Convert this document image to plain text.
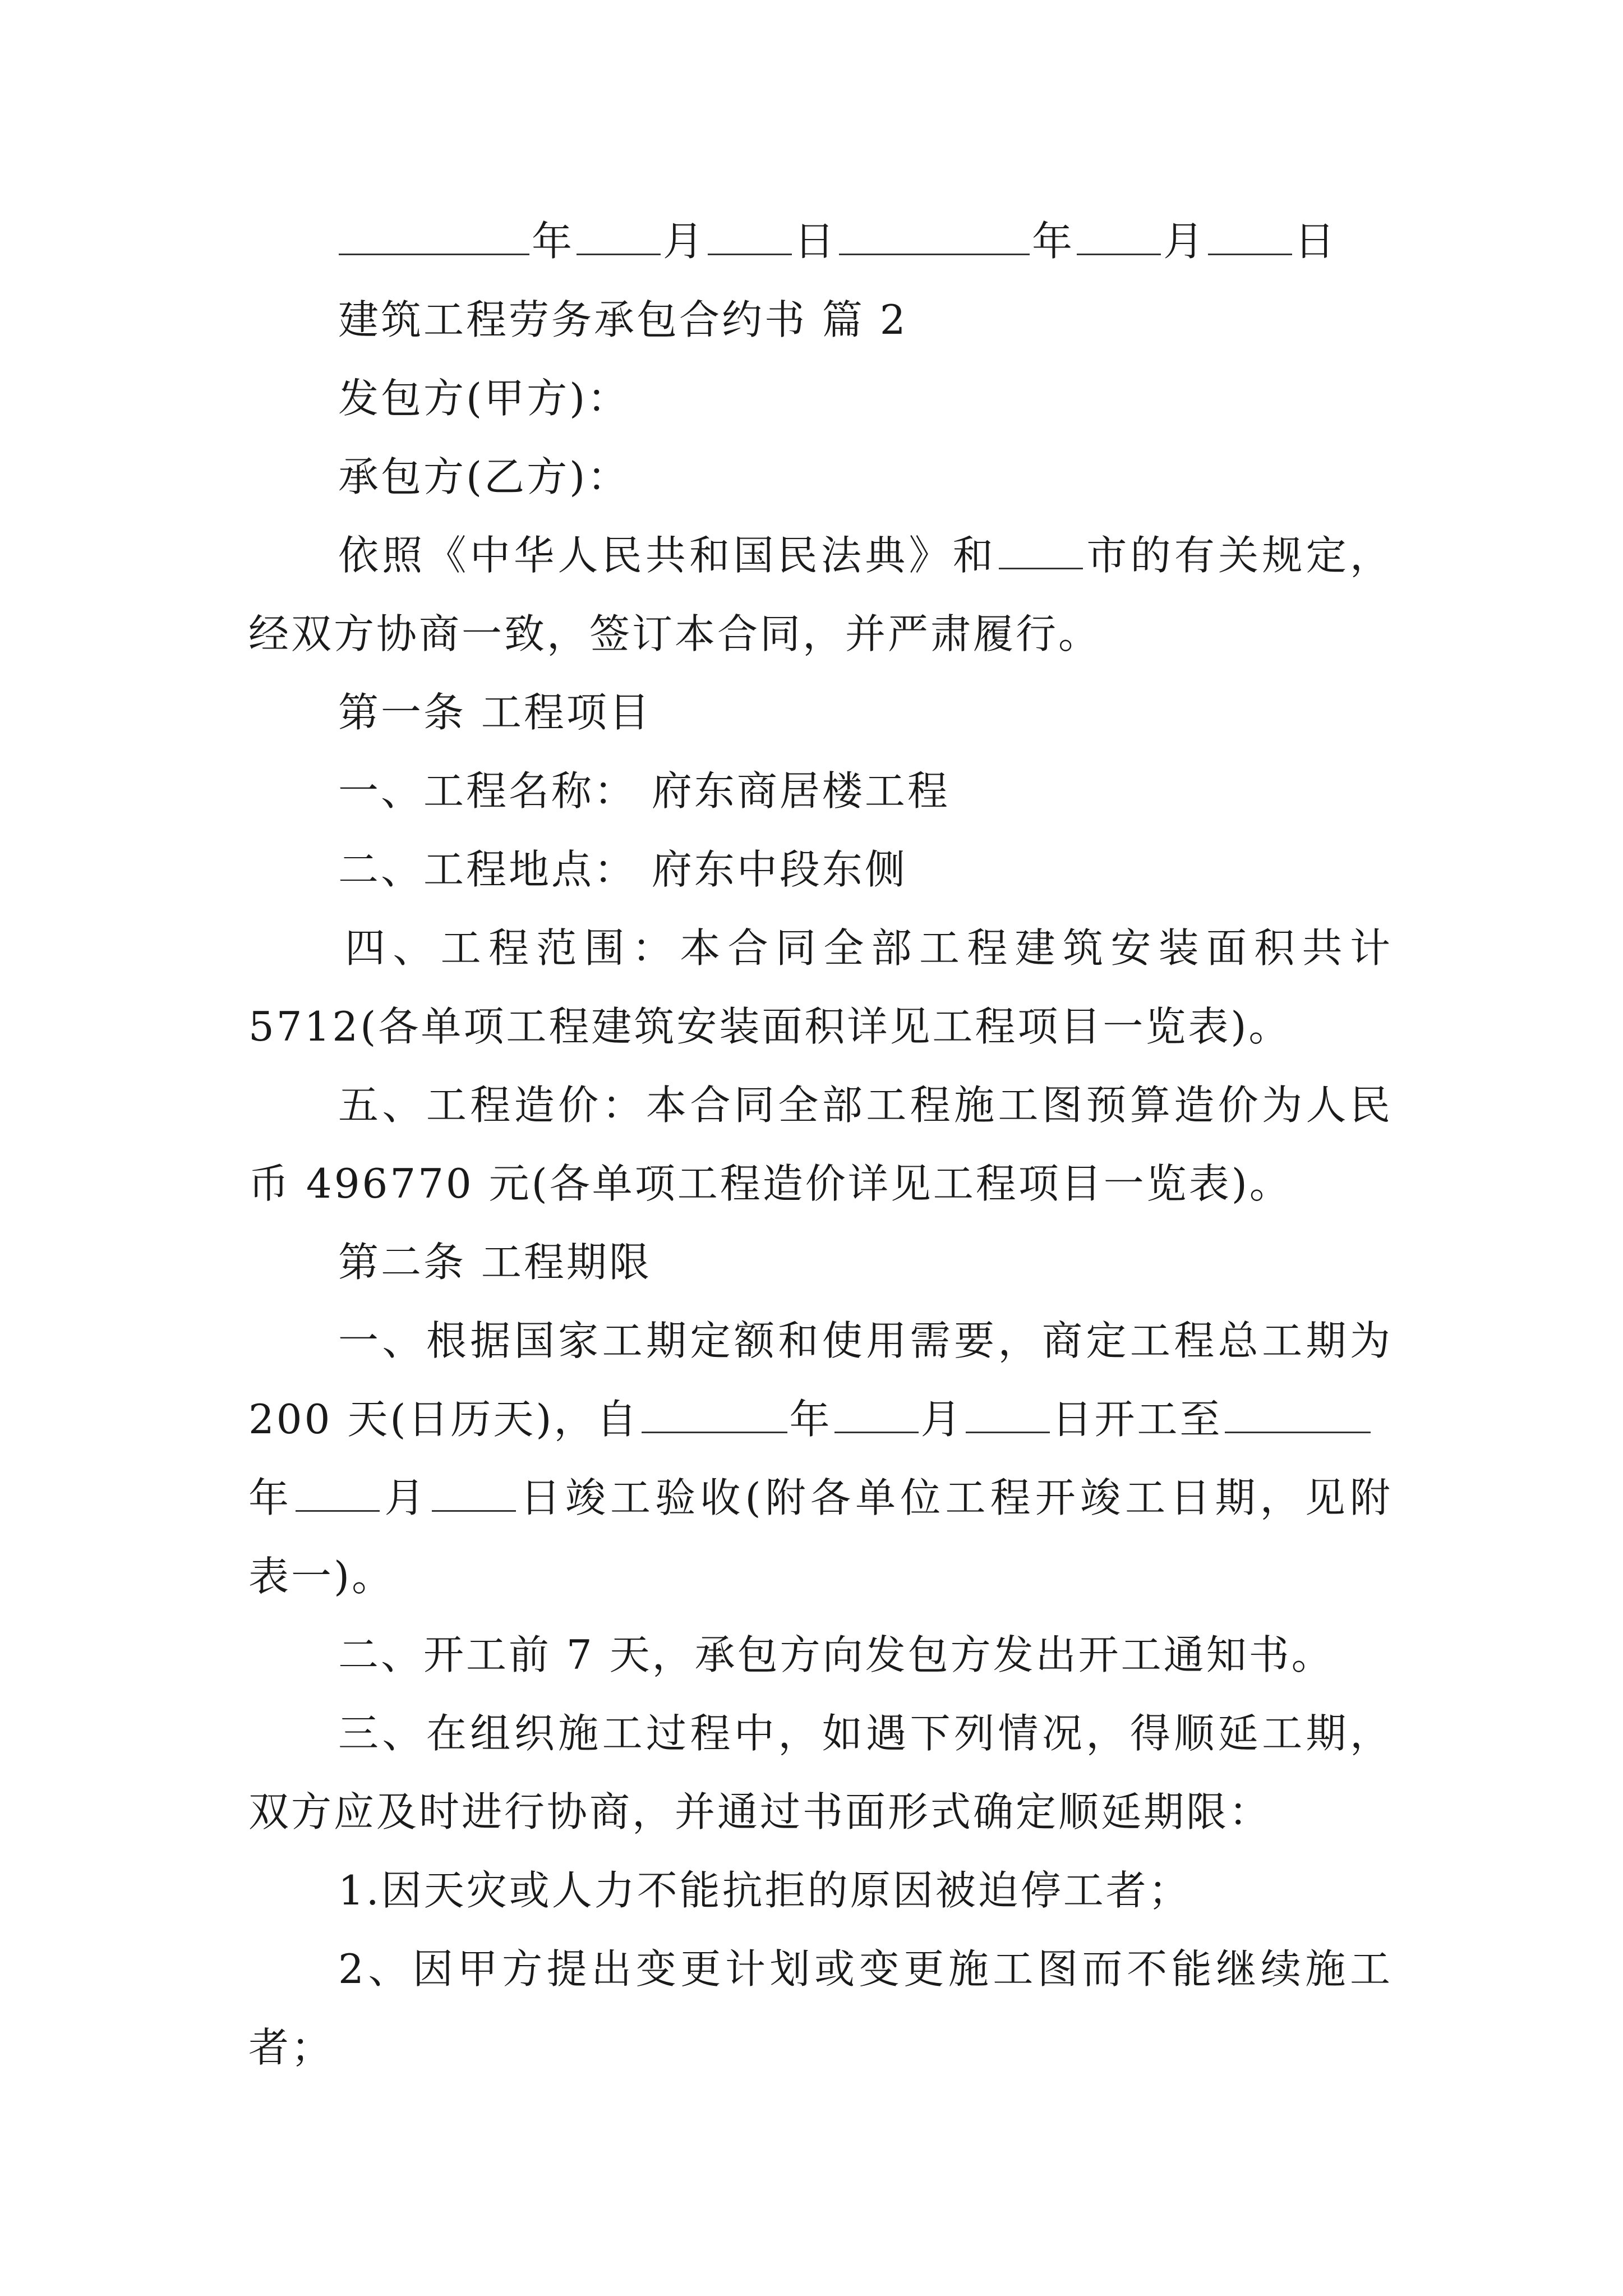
年 月 日	年 月 日
建筑工程劳务承包合约书 篇 2
发包方(甲方)：
承包方(乙方)：
依照《中华人民共和国民法典》和 市的有关规定，
经双方协商一致，签订本合同，并严肃履行。
第一条 工程项目
一、工程名称： 府东商居楼工程
二、工程地点： 府东中段东侧
四、工程范围：本合同全部工程建筑安装面积共计
5712(各单项工程建筑安装面积详见工程项目一览表)。
五、工程造价：本合同全部工程施工图预算造价为人民
币 496770 元(各单项工程造价详见工程项目一览表)。
第二条 工程期限
一、根据国家工期定额和使用需要，商定工程总工期为
200 天(日历天)，自	年 月 日开工至
年 月 日竣工验收(附各单位工程开竣工日期，见附
表一)。
二、开工前 7 天，承包方向发包方发出开工通知书。
三、在组织施工过程中，如遇下列情况，得顺延工期，
双方应及时进行协商，并通过书面形式确定顺延期限：
1.因天灾或人力不能抗拒的原因被迫停工者；
2、因甲方提出变更计划或变更施工图而不能继续施工
者；
